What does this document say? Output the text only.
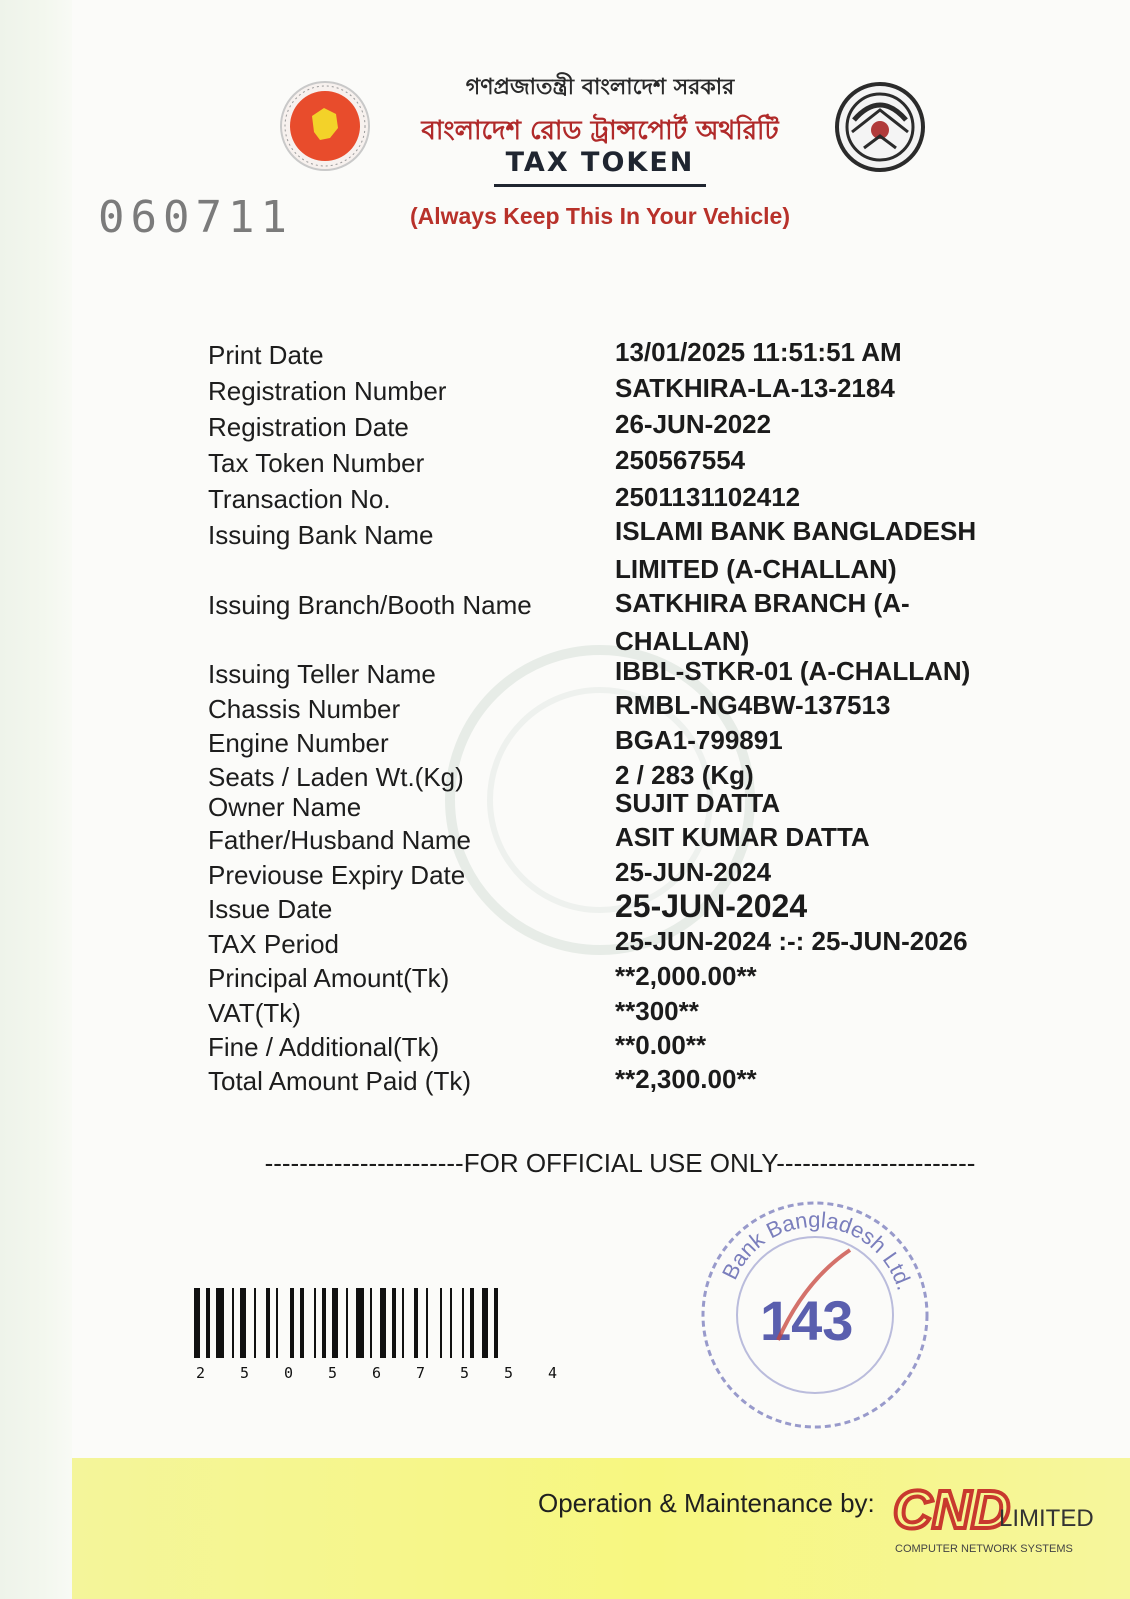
গণপ্রজাতন্ত্রী বাংলাদেশ সরকার
বাংলাদেশ রোড ট্রান্সপোর্ট অথরিটি
TAX TOKEN
060711	(Always Keep This In Your Vehicle)
Print Date	13/01/2025 11:51:51 AM
Registration Number	SATKHIRA-LA-13-2184
Registration Date	26-JUN-2022
Tax Token Number	250567554
Transaction No.	2501131102412
Issuing Bank Name	ISLAMI BANK BANGLADESH LIMITED (A-CHALLAN)
Issuing Branch/Booth Name	SATKHIRA BRANCH (A-CHALLAN)
Issuing Teller Name	IBBL-STKR-01 (A-CHALLAN)
Chassis Number	RMBL-NG4BW-137513
Engine Number	BGA1-799891
Seats / Laden Wt.(Kg)	2 / 283 (Kg)
Owner Name	SUJIT DATTA
Father/Husband Name	ASIT KUMAR DATTA
Previouse Expiry Date	25-JUN-2024
Issue Date	25-JUN-2024
TAX Period	25-JUN-2024 :-: 25-JUN-2026
Principal Amount(Tk)	**2,000.00**
VAT(Tk)	**300**
Fine / Additional(Tk)	**0.00**
Total Amount Paid (Tk)	**2,300.00**
-----------------------FOR OFFICIAL USE ONLY-----------------------
2 5 0 5 6 7 5 5 4
Bank Bangladesh Ltd.
143
Operation & Maintenance by: CND
LIMITED
COMPUTER NETWORK SYSTEMS
